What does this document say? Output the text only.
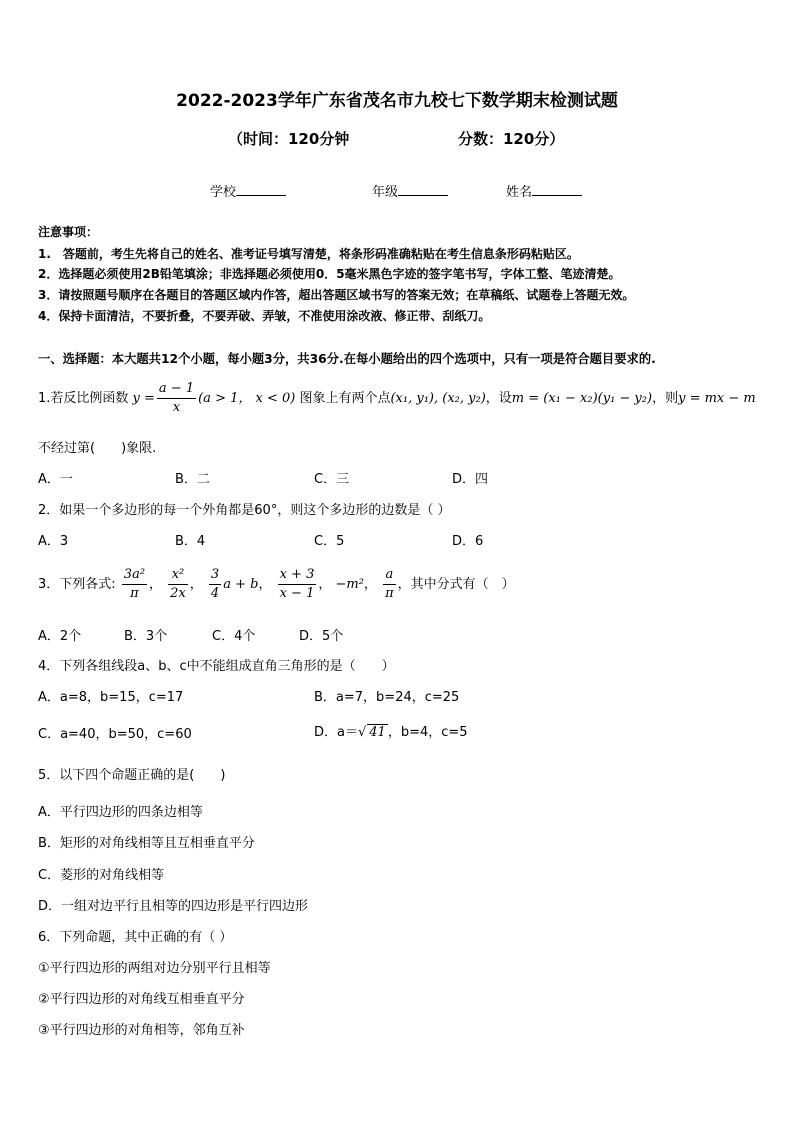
2022-2023学年广东省茂名市九校七下数学期末检测试题
（时间：120分钟	分数：120分）
学校	年级	姓名
注意事项：
1.　答题前，考生先将自己的姓名、准考证号填写清楚，将条形码准确粘贴在考生信息条形码粘贴区。
2．选择题必须使用2B铅笔填涂；非选择题必须使用0．5毫米黑色字迹的签字笔书写，字体工整、笔迹清楚。
3．请按照题号顺序在各题目的答题区域内作答，超出答题区域书写的答案无效；在草稿纸、试题卷上答题无效。
4．保持卡面清洁，不要折叠，不要弄破、弄皱，不准使用涂改液、修正带、刮纸刀。
一、选择题：本大题共12个小题，每小题3分，共36分.在每小题给出的四个选项中，只有一项是符合题目要求的.
1.若反比例函数 $y = \frac{a - 1}{x} (a > 1$， x < 0) 图象上有两个点(x₁, y₁), (x₂, y₂)，设m = (x₁ − x₂)(y₁ − y₂)，则y = mx − m
不经过第(　　)象限.
A．一	B．二	C．三	D．四
2．如果一个多边形的每一个外角都是60°，则这个多边形的边数是（ ）
A．3	B．4	C．5	D．6
3．下列各式: $\frac{\text{3a²}}{\pi}$ ， $\frac{\text{x²}}{2x}$ ， $\frac{3}{4}$ a + b， $\frac{x + 3}{x - 1}$ ， −m²， $\frac{a}{\pi}$ ，其中分式有（　）
A．2个	B．3个	C．4个	D．5个
4．下列各组线段a、b、c中不能组成直角三角形的是（　　）
A．a=8，b=15，c=17	B．a=7，b=24，c=25
C．a=40，b=50，c=60	D．a＝√ 41 ，b=4，c=5
5．以下四个命题正确的是(　　)
A．平行四边形的四条边相等
B．矩形的对角线相等且互相垂直平分
C．菱形的对角线相等
D．一组对边平行且相等的四边形是平行四边形
6．下列命题，其中正确的有（ ）
①平行四边形的两组对边分别平行且相等
②平行四边形的对角线互相垂直平分
③平行四边形的对角相等，邻角互补
